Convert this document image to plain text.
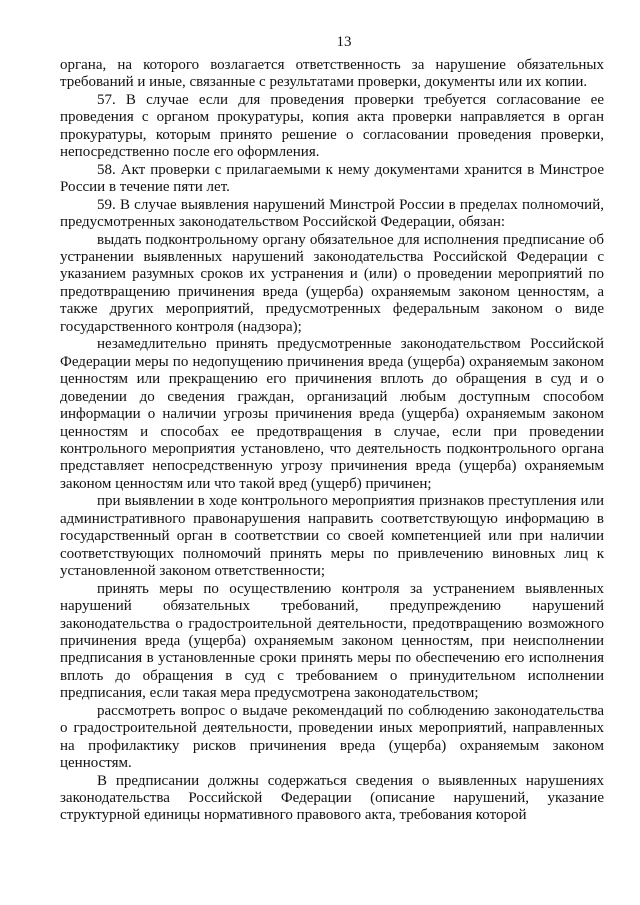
13

органа, на которого возлагается ответственность за нарушение обязательных требований и иные, связанные с результатами проверки, документы или их копии.

57. В случае если для проведения проверки требуется согласование ее проведения с органом прокуратуры, копия акта проверки направляется в орган прокуратуры, которым принято решение о согласовании проведения проверки, непосредственно после его оформления.

58. Акт проверки с прилагаемыми к нему документами хранится в Минстрое России в течение пяти лет.

59. В случае выявления нарушений Минстрой России в пределах полномочий, предусмотренных законодательством Российской Федерации, обязан:

выдать подконтрольному органу обязательное для исполнения предписание об устранении выявленных нарушений законодательства Российской Федерации с указанием разумных сроков их устранения и (или) о проведении мероприятий по предотвращению причинения вреда (ущерба) охраняемым законом ценностям, а также других мероприятий, предусмотренных федеральным законом о виде государственного контроля (надзора);

незамедлительно принять предусмотренные законодательством Российской Федерации меры по недопущению причинения вреда (ущерба) охраняемым законом ценностям или прекращению его причинения вплоть до обращения в суд и о доведении до сведения граждан, организаций любым доступным способом информации о наличии угрозы причинения вреда (ущерба) охраняемым законом ценностям и способах ее предотвращения в случае, если при проведении контрольного мероприятия установлено, что деятельность подконтрольного органа представляет непосредственную угрозу причинения вреда (ущерба) охраняемым законом ценностям или что такой вред (ущерб) причинен;

при выявлении в ходе контрольного мероприятия признаков преступления или административного правонарушения направить соответствующую информацию в государственный орган в соответствии со своей компетенцией или при наличии соответствующих полномочий принять меры по привлечению виновных лиц к установленной законом ответственности;

принять меры по осуществлению контроля за устранением выявленных нарушений обязательных требований, предупреждению нарушений законодательства о градостроительной деятельности, предотвращению возможного причинения вреда (ущерба) охраняемым законом ценностям, при неисполнении предписания в установленные сроки принять меры по обеспечению его исполнения вплоть до обращения в суд с требованием о принудительном исполнении предписания, если такая мера предусмотрена законодательством;

рассмотреть вопрос о выдаче рекомендаций по соблюдению законодательства о градостроительной деятельности, проведении иных мероприятий, направленных на профилактику рисков причинения вреда (ущерба) охраняемым законом ценностям.

В предписании должны содержаться сведения о выявленных нарушениях законодательства Российской Федерации (описание нарушений, указание структурной единицы нормативного правового акта, требования которой
